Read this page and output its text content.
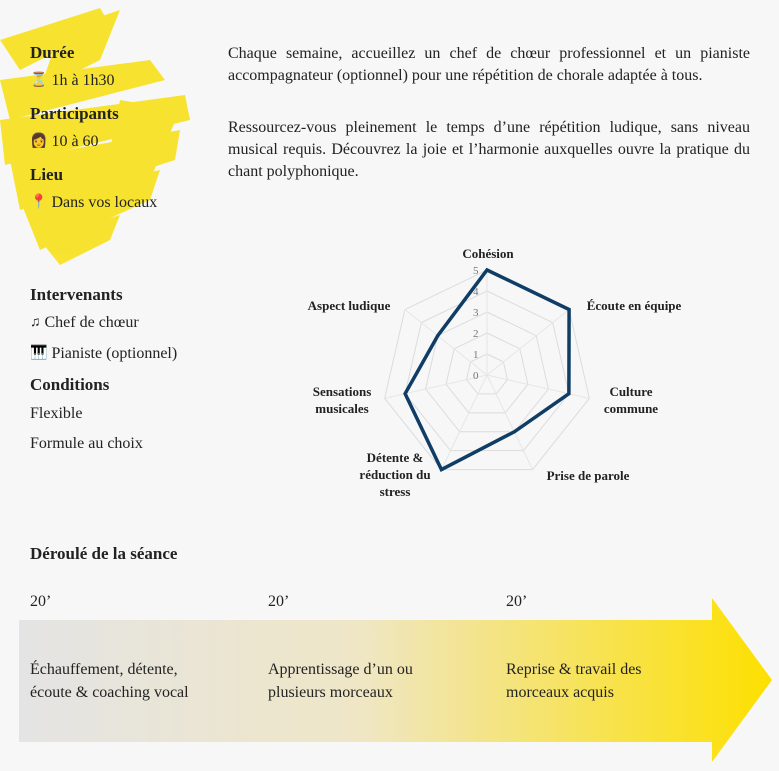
Durée
⏳ 1h à 1h30
Participants
👩 10 à 60
Lieu
📍 Dans vos locaux
Intervenants
♫ Chef de chœur
🎹 Pianiste (optionnel)
Conditions
Flexible
Formule au choix

Chaque semaine, accueillez un chef de chœur professionnel et un pianiste accompagnateur (optionnel) pour une répétition de chorale adaptée à tous.

Ressourcez-vous pleinement le temps d’une répétition ludique, sans niveau musical requis. Découvrez la joie et l’harmonie auxquelles ouvre la pratique du chant polyphonique.

0
1
2
3
4
5
Cohésion
Écoute en équipe
Culture commune
Prise de parole
Détente & réduction du stress
Sensations musicales
Aspect ludique
Déroulé de la séance
20’	20’	20’
Échauffement, détente,
écoute & coaching vocal
Apprentissage d’un ou
plusieurs morceaux
Reprise & travail des
morceaux acquis
